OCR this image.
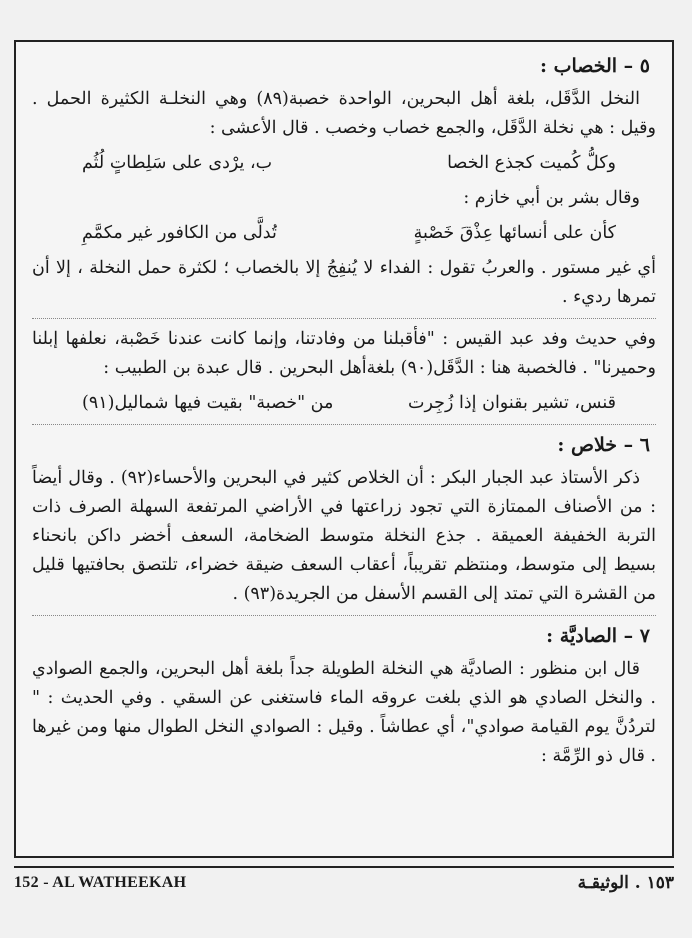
٥ – الخصاب :
النخل الدَّقَل، بلغة أهل البحرين، الواحدة خصبة(٨٩) وهي النخلـة الكثيرة الحمل . وقيل : هي نخلة الدَّقَل، والجمع خصاب وخصب . قال الأعشى :
وكلُّ كُميت كجذع الخصا
ب، يرْدى على سَلِطاتٍ لُثُم
وقال بشر بن أبي خازم :
كأن على أنسائها عِذْقَ خَصْبةٍ
تُدلَّى من الكافور غير مكمَّمِ
أي غير مستور . والعربُ تقول : الفداء لا يُنفِجُ إلا بالخصاب ؛ لكثرة حمل النخلة ، إلا أن تمرها رديء .
وفي حديث وفد عبد القيس : "فأقبلنا من وفادتنا، وإنما كانت عندنا خَصْبة، نعلفها إبلنا وحميرنا" . فالخصبة هنا : الدَّقَل(٩٠) بلغةأهل البحرين . قال عبدة بن الطبيب :
قنس، تشير بقنوان إذا زُجِرت
من "خصبة" بقيت فيها شماليل(٩١)
٦ – خلاص :
ذكر الأستاذ عبد الجبار البكر : أن الخلاص كثير في البحرين والأحساء(٩٢) . وقال أيضاً : من الأصناف الممتازة التي تجود زراعتها في الأراضي المرتفعة السهلة الصرف ذات التربة الخفيفة العميقة . جذع النخلة متوسط الضخامة، السعف أخضر داكن بانحناء بسيط إلى متوسط، ومنتظم تقريباً، أعقاب السعف ضيقة خضراء، تلتصق بحافتيها قليل من القشرة التي تمتد إلى القسم الأسفل من الجريدة(٩٣) .
٧ – الصاديَّة :
قال ابن منظور : الصاديَّة هي النخلة الطويلة جداً بلغة أهل البحرين، والجمع الصوادي . والنخل الصادي هو الذي بلغت عروقه الماء فاستغنى عن السقي . وفي الحديث : " لتردُنَّ يوم القيامة صوادي"، أي عطاشاً . وقيل : الصوادي النخل الطوال منها ومن غيرها . قال ذو الرِّمَّة :
152 - AL WATHEEKAH	١٥٣ . الوثيقـة
